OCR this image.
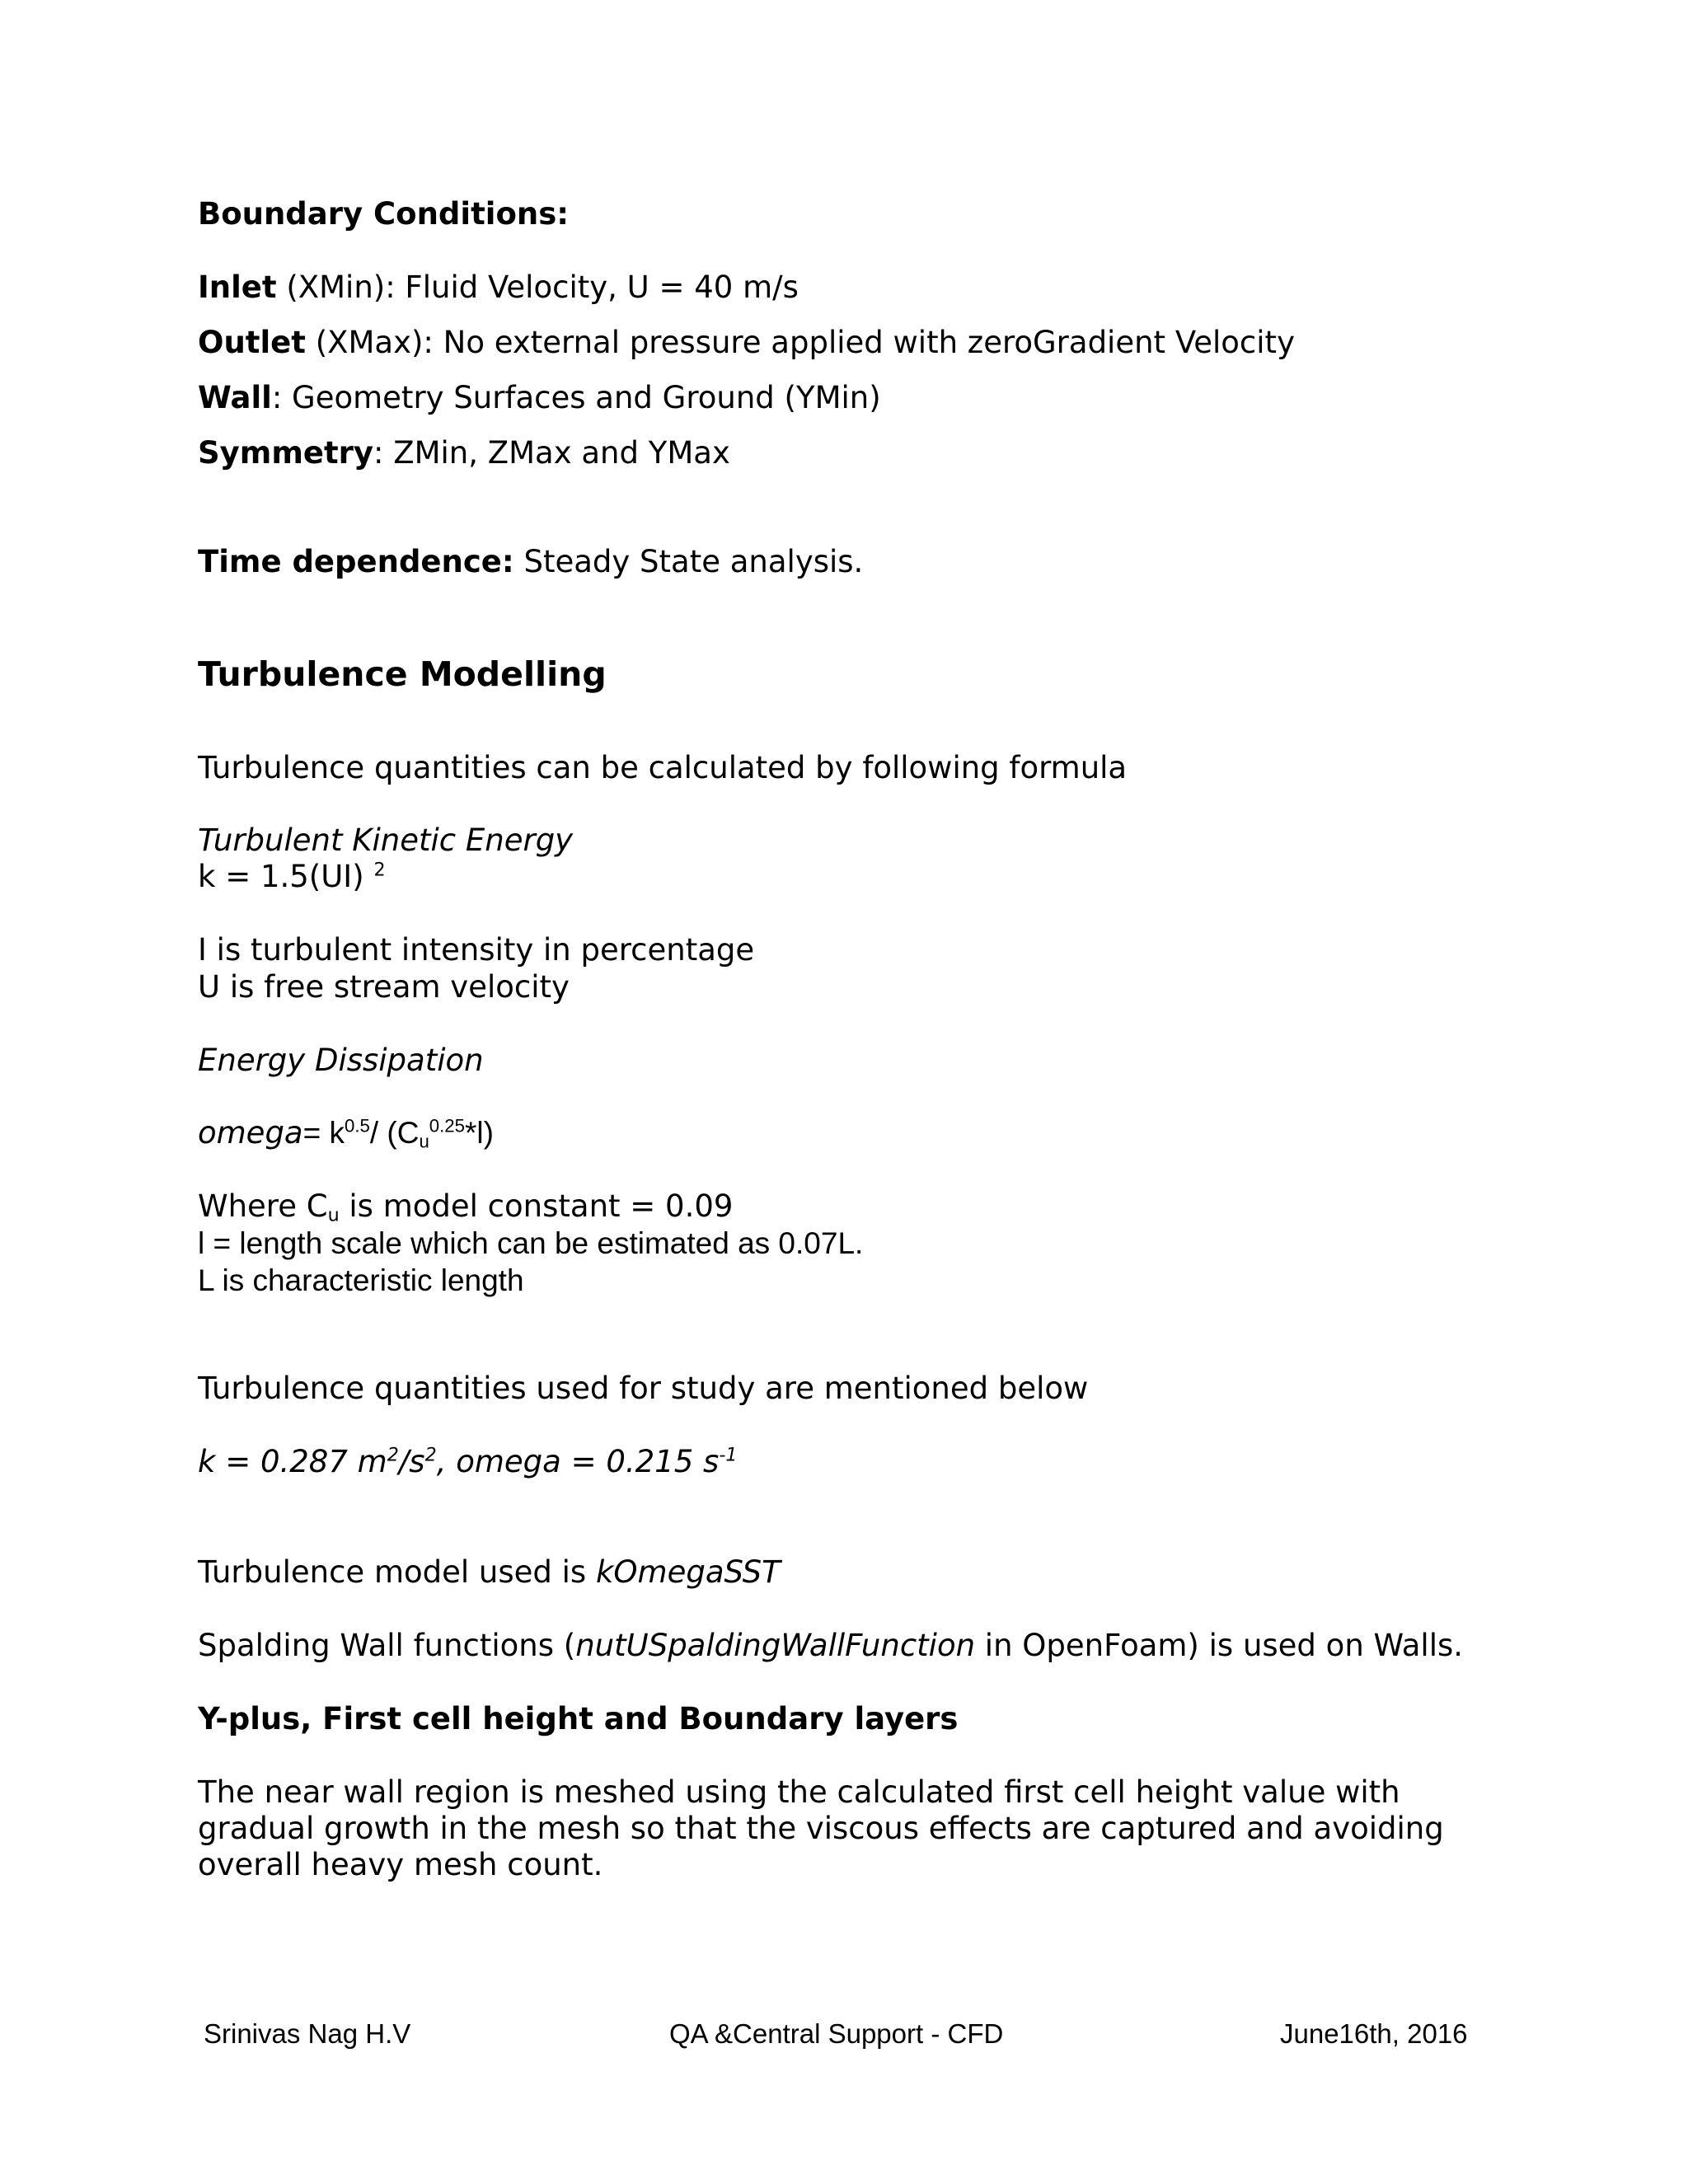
Boundary Conditions:
Inlet (XMin): Fluid Velocity, U = 40 m/s
Outlet (XMax): No external pressure applied with zeroGradient Velocity
Wall: Geometry Surfaces and Ground (YMin)
Symmetry: ZMin, ZMax and YMax
Time dependence: Steady State analysis.
Turbulence Modelling
Turbulence quantities can be calculated by following formula
Turbulent Kinetic Energy
k = 1.5(UI) $^2$
I is turbulent intensity in percentage
U is free stream velocity
Energy Dissipation
omega= $k^{0.5}/$ $(C_u^{0.25}*l)$
Where $C_u$ is model constant = 0.09
l = length scale which can be estimated as 0.07L.
L is characteristic length
Turbulence quantities used for study are mentioned below
k = 0.287 $m^2/s^2$, omega = 0.215 $s^{-1}$
Turbulence model used is kOmegaSST
Spalding Wall functions (nutUSpaldingWallFunction in OpenFoam) is used on Walls.
Y-plus, First cell height and Boundary layers
The near wall region is meshed using the calculated first cell height value with
gradual growth in the mesh so that the viscous effects are captured and avoiding
overall heavy mesh count.
Srinivas Nag H.V	QA &Central Support - CFD	June16th, 2016
